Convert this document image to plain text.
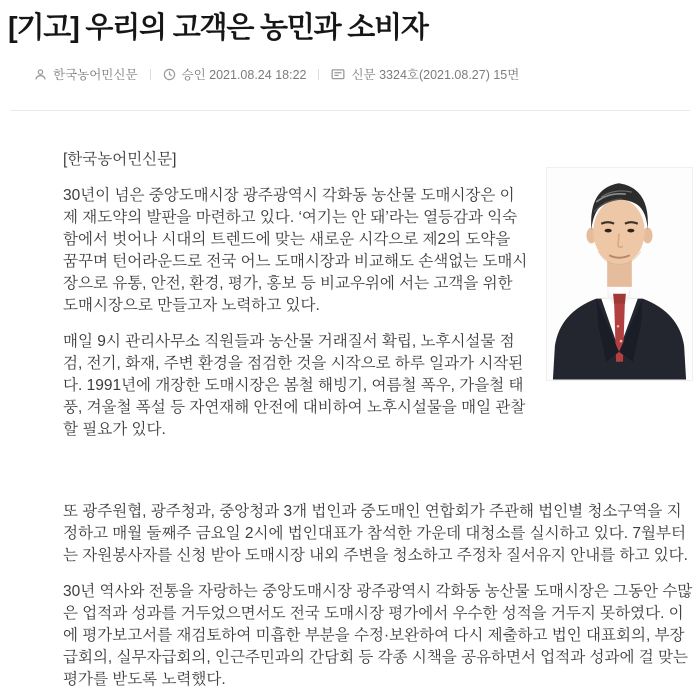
[기고] 우리의 고객은 농민과 소비자
한국농어민신문	승인 2021.08.24 18:22	신문 3324호(2021.08.27) 15면

[한국농어민신문]

30년이 넘은 중앙도매시장 광주광역시 각화동 농산물 도매시장은 이제 재도약의 발판을 마련하고 있다. ‘여기는 안 돼’라는 열등감과 익숙함에서 벗어나 시대의 트렌드에 맞는 새로운 시각으로 제2의 도약을 꿈꾸며 턴어라운드로 전국 어느 도매시장과 비교해도 손색없는 도매시장으로 유통, 안전, 환경, 평가, 홍보 등 비교우위에 서는 고객을 위한 도매시장으로 만들고자 노력하고 있다.

매일 9시 관리사무소 직원들과 농산물 거래질서 확립, 노후시설물 점검, 전기, 화재, 주변 환경을 점검한 것을 시작으로 하루 일과가 시작된다. 1991년에 개장한 도매시장은 봄철 해빙기, 여름철 폭우, 가을철 태풍, 겨울철 폭설 등 자연재해 안전에 대비하여 노후시설물을 매일 관찰할 필요가 있다.

또 광주원협, 광주청과, 중앙청과 3개 법인과 중도매인 연합회가 주관해 법인별 청소구역을 지정하고 매월 둘째주 금요일 2시에 법인대표가 참석한 가운데 대청소를 실시하고 있다. 7월부터는 자원봉사자를 신청 받아 도매시장 내외 주변을 청소하고 주정차 질서유지 안내를 하고 있다.

30년 역사와 전통을 자랑하는 중앙도매시장 광주광역시 각화동 농산물 도매시장은 그동안 수많은 업적과 성과를 거두었으면서도 전국 도매시장 평가에서 우수한 성적을 거두지 못하였다. 이에 평가보고서를 재검토하여 미흡한 부분을 수정·보완하여 다시 제출하고 법인 대표회의, 부장급회의, 실무자급회의, 인근주민과의 간담회 등 각종 시책을 공유하면서 업적과 성과에 걸 맞는 평가를 받도록 노력했다.
